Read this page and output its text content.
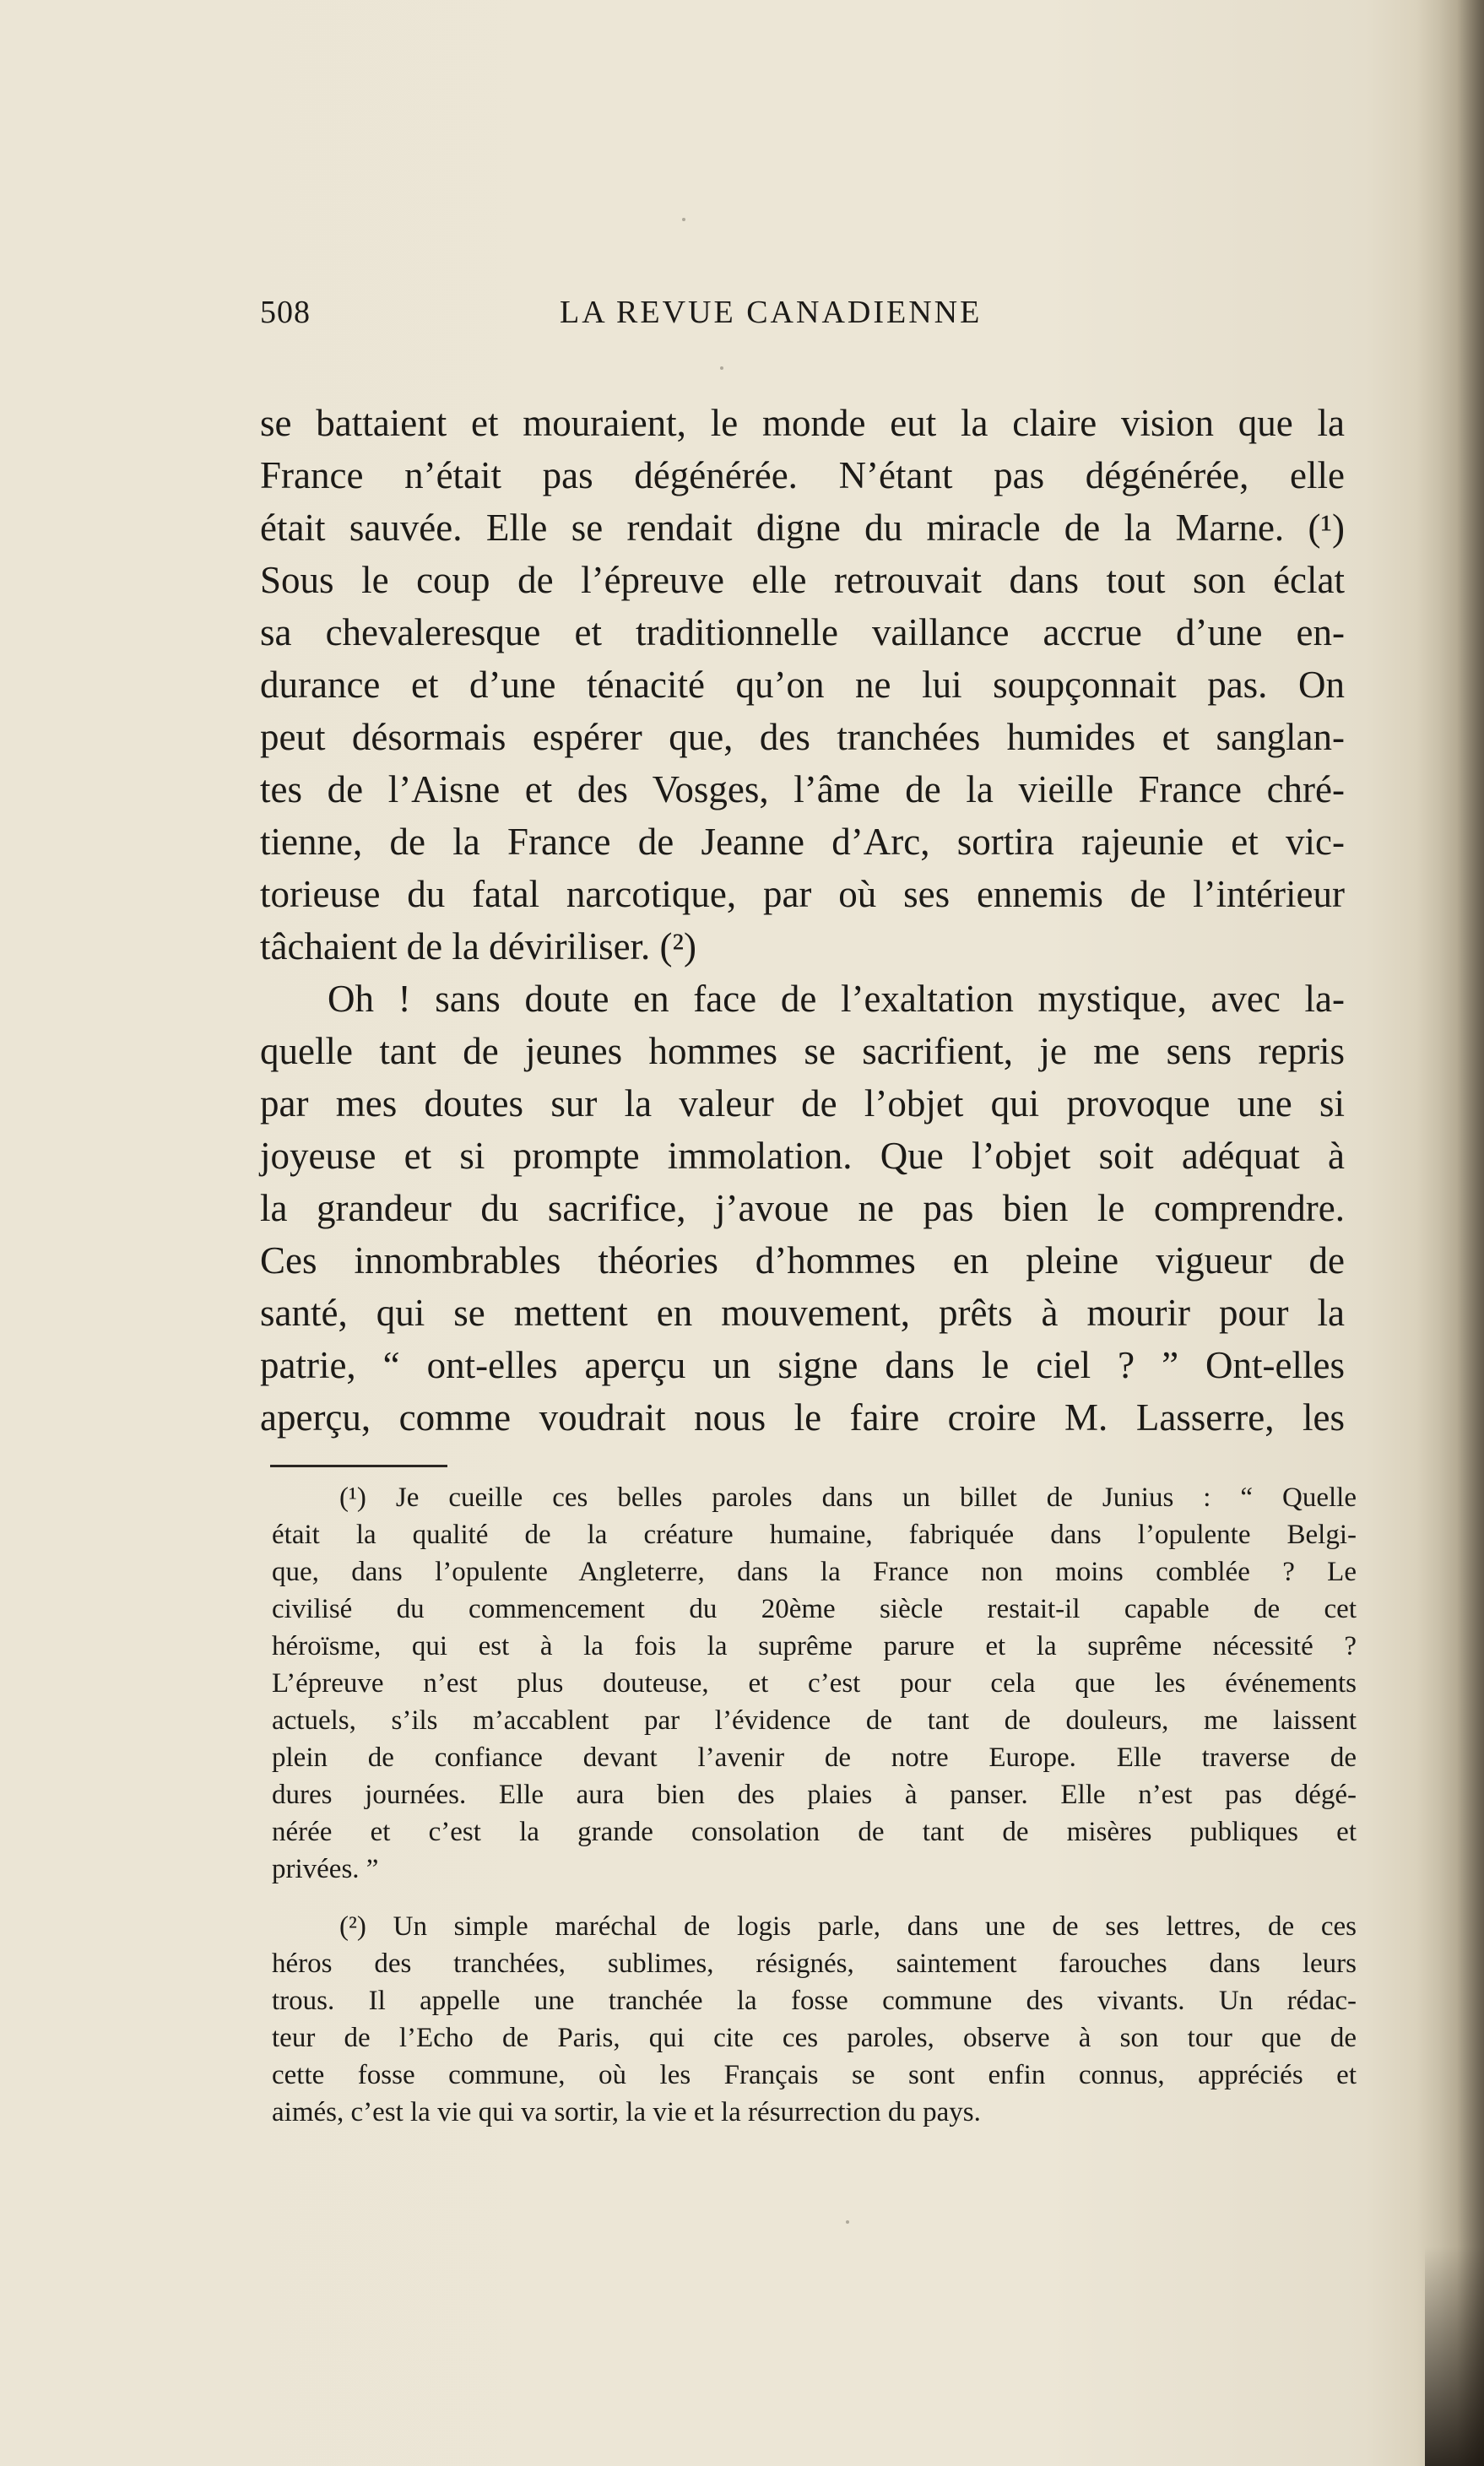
508	LA REVUE CANADIENNE
se battaient et mouraient, le monde eut la claire vision que la
France n’était pas dégénérée. N’étant pas dégénérée, elle
était sauvée. Elle se rendait digne du miracle de la Marne. (¹)
Sous le coup de l’épreuve elle retrouvait dans tout son éclat
sa chevaleresque et traditionnelle vaillance accrue d’une en-
durance et d’une ténacité qu’on ne lui soupçonnait pas. On
peut désormais espérer que, des tranchées humides et sanglan-
tes de l’Aisne et des Vosges, l’âme de la vieille France chré-
tienne, de la France de Jeanne d’Arc, sortira rajeunie et vic-
torieuse du fatal narcotique, par où ses ennemis de l’intérieur
tâchaient de la déviriliser. (²)
Oh ! sans doute en face de l’exaltation mystique, avec la-
quelle tant de jeunes hommes se sacrifient, je me sens repris
par mes doutes sur la valeur de l’objet qui provoque une si
joyeuse et si prompte immolation. Que l’objet soit adéquat à
la grandeur du sacrifice, j’avoue ne pas bien le comprendre.
Ces innombrables théories d’hommes en pleine vigueur de
santé, qui se mettent en mouvement, prêts à mourir pour la
patrie, “ ont-elles aperçu un signe dans le ciel ? ” Ont-elles
aperçu, comme voudrait nous le faire croire M. Lasserre, les
(¹) Je cueille ces belles paroles dans un billet de Junius : “ Quelle
était la qualité de la créature humaine, fabriquée dans l’opulente Belgi-
que, dans l’opulente Angleterre, dans la France non moins comblée ? Le
civilisé du commencement du 20ème siècle restait-il capable de cet
héroïsme, qui est à la fois la suprême parure et la suprême nécessité ?
L’épreuve n’est plus douteuse, et c’est pour cela que les événements
actuels, s’ils m’accablent par l’évidence de tant de douleurs, me laissent
plein de confiance devant l’avenir de notre Europe. Elle traverse de
dures journées. Elle aura bien des plaies à panser. Elle n’est pas dégé-
nérée et c’est la grande consolation de tant de misères publiques et
privées. ”
(²) Un simple maréchal de logis parle, dans une de ses lettres, de ces
héros des tranchées, sublimes, résignés, saintement farouches dans leurs
trous. Il appelle une tranchée la fosse commune des vivants. Un rédac-
teur de l’Echo de Paris, qui cite ces paroles, observe à son tour que de
cette fosse commune, où les Français se sont enfin connus, appréciés et
aimés, c’est la vie qui va sortir, la vie et la résurrection du pays.
